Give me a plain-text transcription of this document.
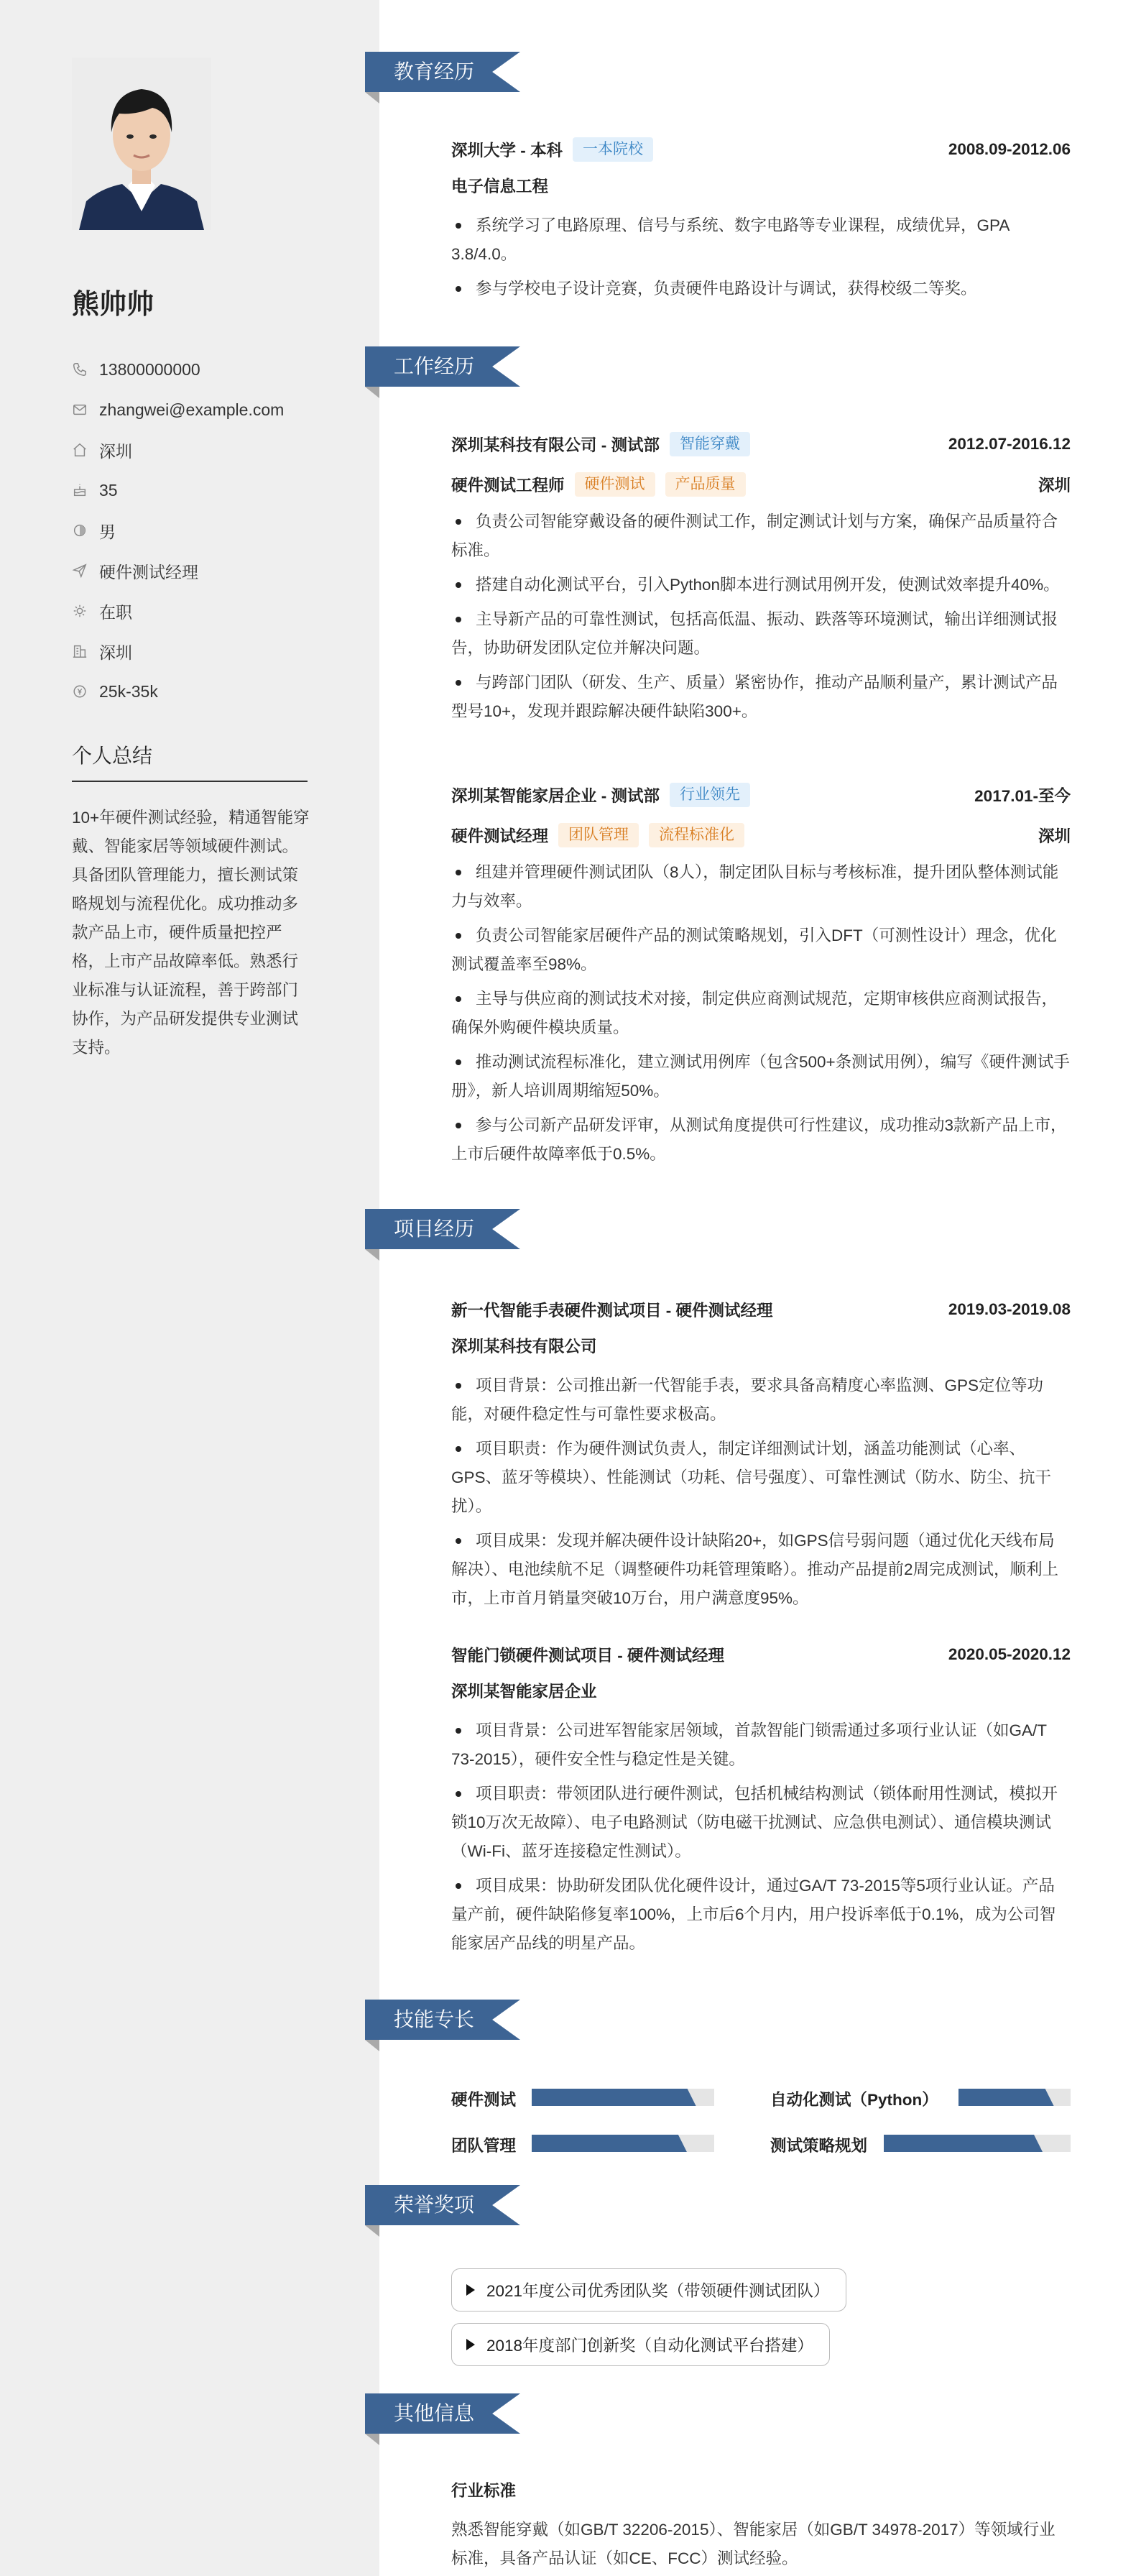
熊帅帅
13800000000
zhangwei@example.com
深圳
35
男
硬件测试经理
在职
深圳
25k-35k
个人总结
10+年硬件测试经验，精通智能穿戴、智能家居等领域硬件测试。具备团队管理能力，擅长测试策略规划与流程优化。成功推动多款产品上市，硬件质量把控严格，上市产品故障率低。熟悉行业标准与认证流程，善于跨部门协作，为产品研发提供专业测试支持。
教育经历
深圳大学 - 本科	一本院校	2008.09-2012.06
电子信息工程
系统学习了电路原理、信号与系统、数字电路等专业课程，成绩优异，GPA 3.8/4.0。
参与学校电子设计竞赛，负责硬件电路设计与调试，获得校级二等奖。
工作经历
深圳某科技有限公司 - 测试部	智能穿戴	2012.07-2016.12
硬件测试工程师	硬件测试	产品质量	深圳
负责公司智能穿戴设备的硬件测试工作，制定测试计划与方案，确保产品质量符合标准。
搭建自动化测试平台，引入Python脚本进行测试用例开发，使测试效率提升40%。
主导新产品的可靠性测试，包括高低温、振动、跌落等环境测试，输出详细测试报告，协助研发团队定位并解决问题。
与跨部门团队（研发、生产、质量）紧密协作，推动产品顺利量产，累计测试产品型号10+，发现并跟踪解决硬件缺陷300+。
深圳某智能家居企业 - 测试部	行业领先	2017.01-至今
硬件测试经理	团队管理	流程标准化	深圳
组建并管理硬件测试团队（8人），制定团队目标与考核标准，提升团队整体测试能力与效率。
负责公司智能家居硬件产品的测试策略规划，引入DFT（可测性设计）理念，优化测试覆盖率至98%。
主导与供应商的测试技术对接，制定供应商测试规范，定期审核供应商测试报告，确保外购硬件模块质量。
推动测试流程标准化，建立测试用例库（包含500+条测试用例），编写《硬件测试手册》，新人培训周期缩短50%。
参与公司新产品研发评审，从测试角度提供可行性建议，成功推动3款新产品上市，上市后硬件故障率低于0.5%。
项目经历
新一代智能手表硬件测试项目 - 硬件测试经理	2019.03-2019.08
深圳某科技有限公司
项目背景：公司推出新一代智能手表，要求具备高精度心率监测、GPS定位等功能，对硬件稳定性与可靠性要求极高。
项目职责：作为硬件测试负责人，制定详细测试计划，涵盖功能测试（心率、GPS、蓝牙等模块）、性能测试（功耗、信号强度）、可靠性测试（防水、防尘、抗干扰）。
项目成果：发现并解决硬件设计缺陷20+，如GPS信号弱问题（通过优化天线布局解决）、电池续航不足（调整硬件功耗管理策略）。推动产品提前2周完成测试，顺利上市，上市首月销量突破10万台，用户满意度95%。
智能门锁硬件测试项目 - 硬件测试经理	2020.05-2020.12
深圳某智能家居企业
项目背景：公司进军智能家居领域，首款智能门锁需通过多项行业认证（如GA/T 73-2015），硬件安全性与稳定性是关键。
项目职责：带领团队进行硬件测试，包括机械结构测试（锁体耐用性测试，模拟开锁10万次无故障）、电子电路测试（防电磁干扰测试、应急供电测试）、通信模块测试（Wi-Fi、蓝牙连接稳定性测试）。
项目成果：协助研发团队优化硬件设计，通过GA/T 73-2015等5项行业认证。产品量产前，硬件缺陷修复率100%，上市后6个月内，用户投诉率低于0.1%，成为公司智能家居产品线的明星产品。
技能专长
硬件测试	自动化测试（Python）
团队管理	测试策略规划
荣誉奖项
2021年度公司优秀团队奖（带领硬件测试团队）
2018年度部门创新奖（自动化测试平台搭建）
其他信息
行业标准
熟悉智能穿戴（如GB/T 32206-2015）、智能家居（如GB/T 34978-2017）等领域行业标准，具备产品认证（如CE、FCC）测试经验。
